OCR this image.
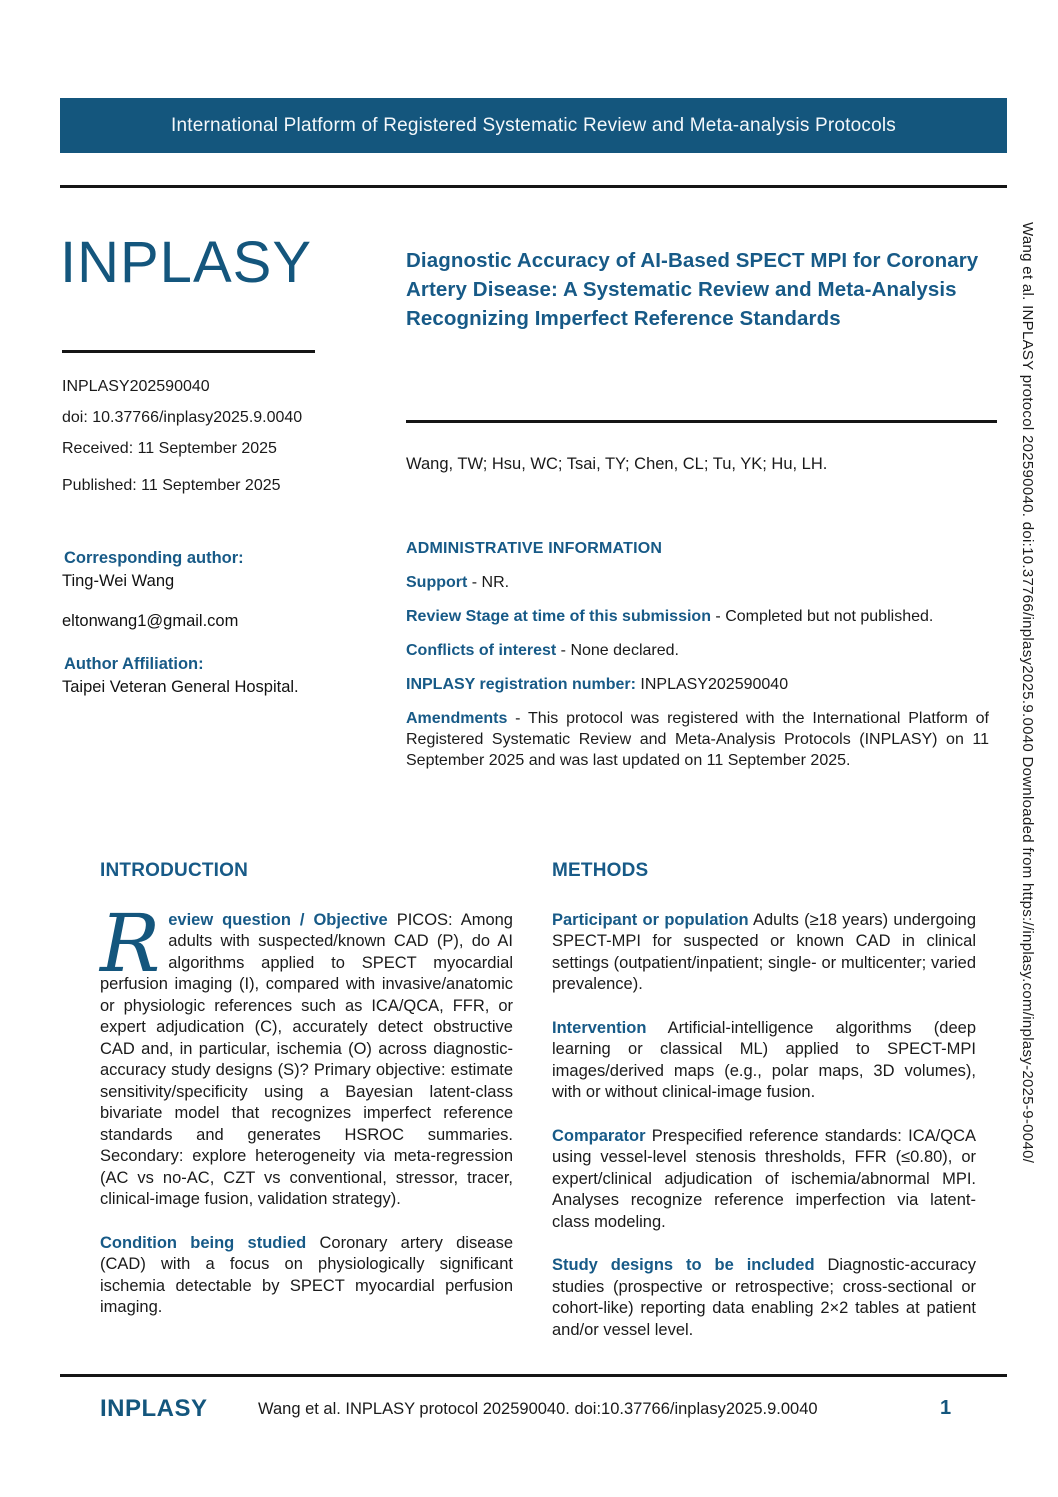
International Platform of Registered Systematic Review and Meta-analysis Protocols
INPLASY
INPLASY202590040
doi: 10.37766/inplasy2025.9.0040
Received: 11 September 2025
Published: 11 September 2025
Corresponding author:
Ting-Wei Wang
eltonwang1@gmail.com
Author Affiliation:
Taipei Veteran General Hospital.
Diagnostic Accuracy of AI-Based SPECT MPI for Coronary Artery Disease: A Systematic Review and Meta-Analysis Recognizing Imperfect Reference Standards
Wang, TW; Hsu, WC; Tsai, TY; Chen, CL; Tu, YK; Hu, LH.
ADMINISTRATIVE INFORMATION
Support - NR.
Review Stage at time of this submission - Completed but not published.
Conflicts of interest - None declared.
INPLASY registration number: INPLASY202590040
Amendments - This protocol was registered with the International Platform of Registered Systematic Review and Meta-Analysis Protocols (INPLASY) on 11 September 2025 and was last updated on 11 September 2025.
INTRODUCTION
Review question / Objective PICOS: Among adults with suspected/known CAD (P), do AI algorithms applied to SPECT myocardial perfusion imaging (I), compared with invasive/anatomic or physiologic references such as ICA/QCA, FFR, or expert adjudication (C), accurately detect obstructive CAD and, in particular, ischemia (O) across diagnostic-accuracy study designs (S)? Primary objective: estimate sensitivity/specificity using a Bayesian latent-class bivariate model that recognizes imperfect reference standards and generates HSROC summaries. Secondary: explore heterogeneity via meta-regression (AC vs no-AC, CZT vs conventional, stressor, tracer, clinical-image fusion, validation strategy).
Condition being studied Coronary artery disease (CAD) with a focus on physiologically significant ischemia detectable by SPECT myocardial perfusion imaging.
METHODS
Participant or population Adults (≥18 years) undergoing SPECT-MPI for suspected or known CAD in clinical settings (outpatient/inpatient; single- or multicenter; varied prevalence).
Intervention Artificial-intelligence algorithms (deep learning or classical ML) applied to SPECT-MPI images/derived maps (e.g., polar maps, 3D volumes), with or without clinical-image fusion.
Comparator Prespecified reference standards: ICA/QCA using vessel-level stenosis thresholds, FFR (≤0.80), or expert/clinical adjudication of ischemia/abnormal MPI. Analyses recognize reference imperfection via latent-class modeling.
Study designs to be included Diagnostic-accuracy studies (prospective or retrospective; cross-sectional or cohort-like) reporting data enabling 2×2 tables at patient and/or vessel level.
INPLASY	Wang et al. INPLASY protocol 202590040. doi:10.37766/inplasy2025.9.0040	1
Wang et al. INPLASY protocol 202590040. doi:10.37766/inplasy2025.9.0040 Downloaded from https://inplasy.com/inplasy-2025-9-0040/
